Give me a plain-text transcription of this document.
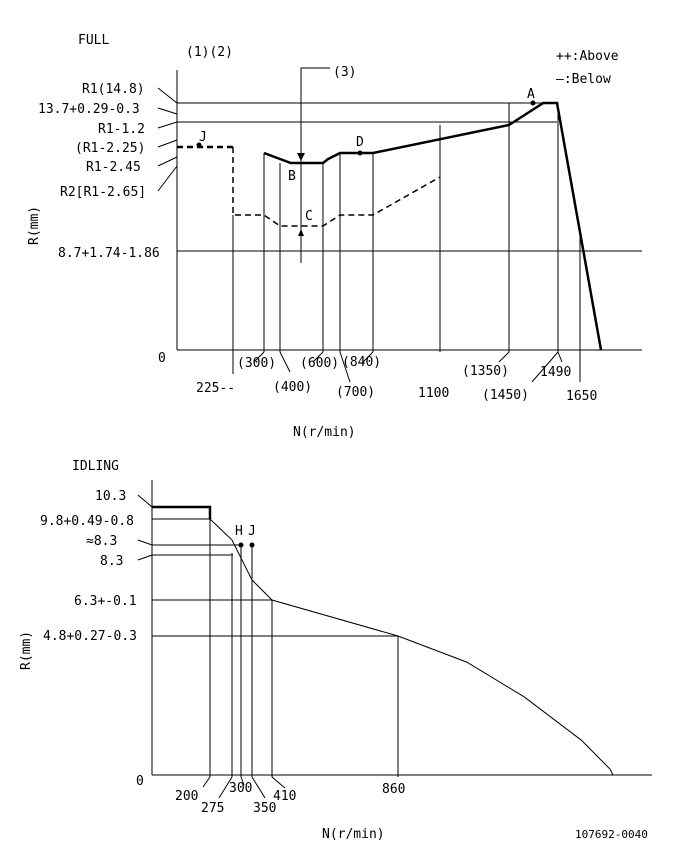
FULL
(1)(2)
(3)
++:Above
—:Below
R(mm)
N(r/min)
0
R1(14.8)
13.7+0.29-0.3
R1-1.2
(R1-2.25)
R1-2.45
R2[R1-2.65]
8.7+1.74-1.86
225--
(300)
(400)
(600)
(700)
(840)
1100
(1350)
(1450)
1490
1650
J
B
C
D
A
IDLING
R(mm)
N(r/min)
0
10.3
9.8+0.49-0.8
≈8.3
8.3
6.3+-0.1
4.8+0.27-0.3
200
275
300
350
410	860
H J
107692-0040
